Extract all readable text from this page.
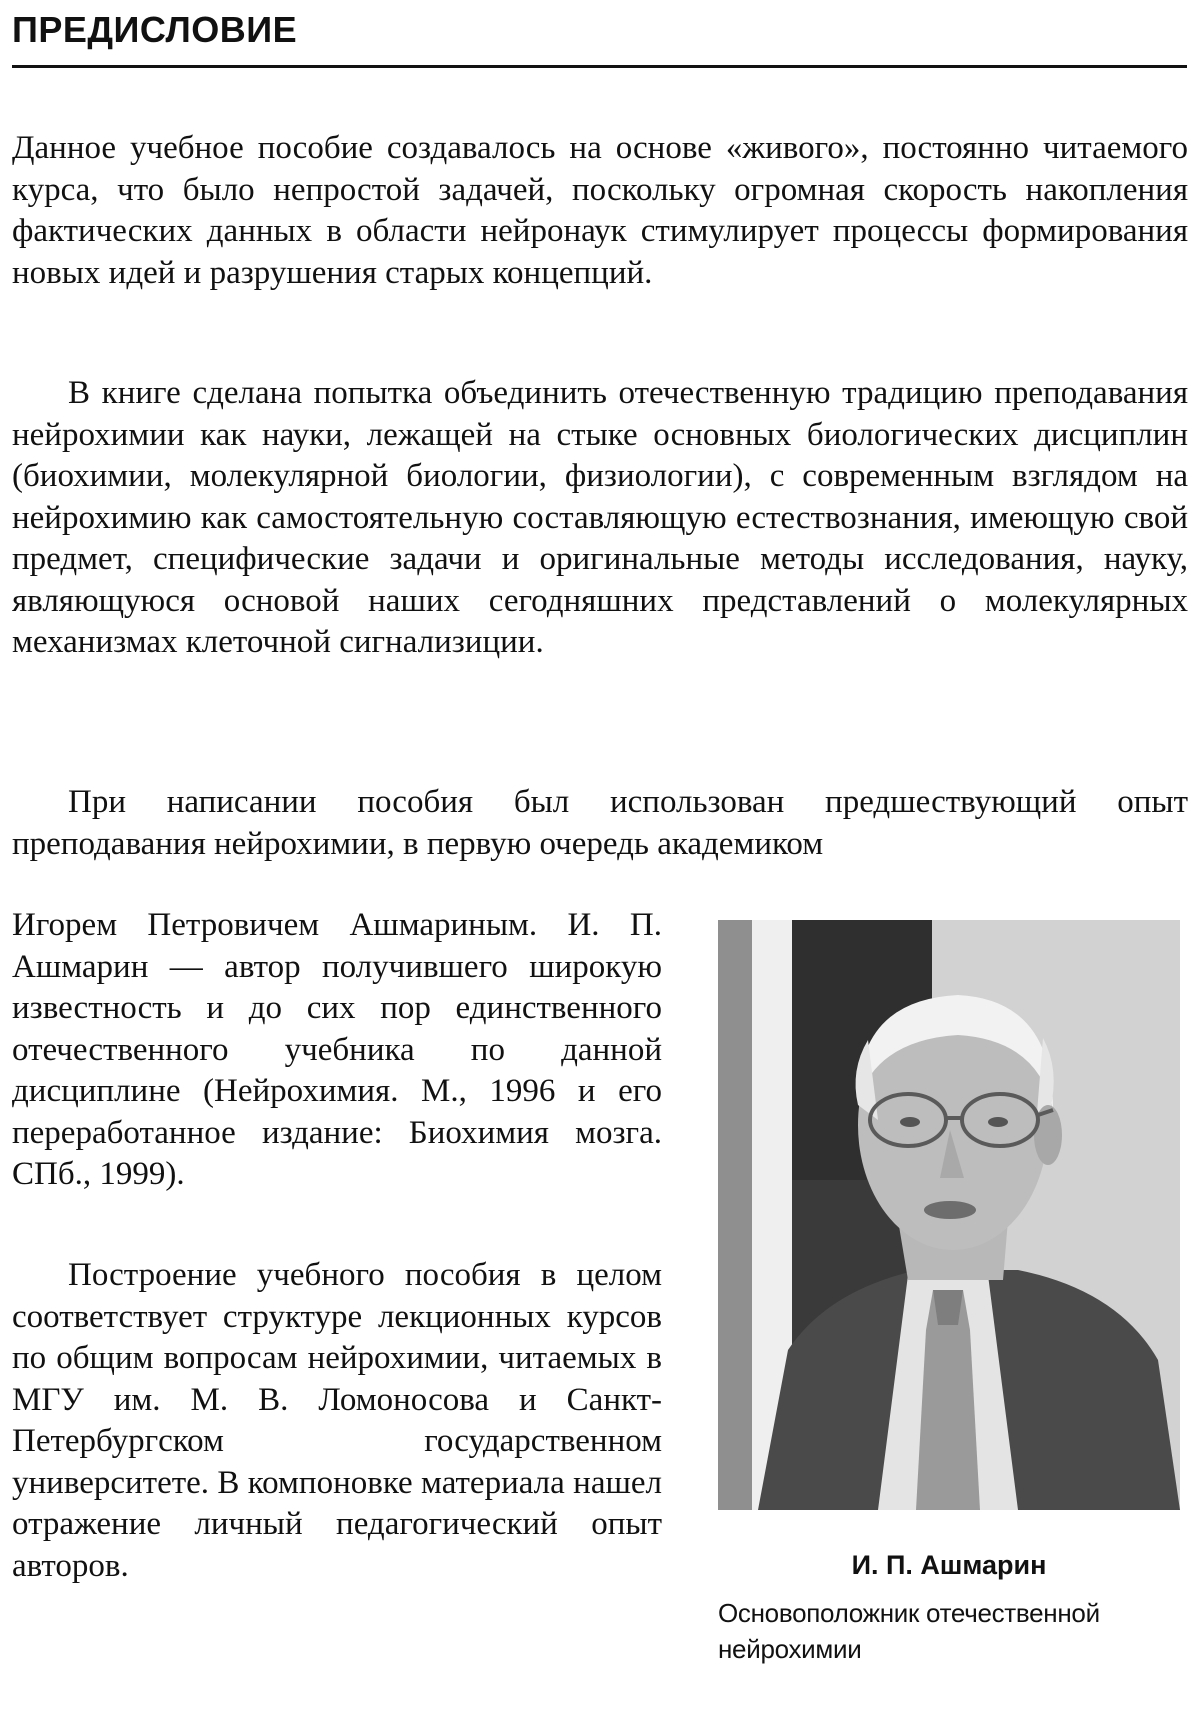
ПРЕДИСЛОВИЕ

Данное учебное пособие создавалось на основе «живого», постоянно читаемого курса, что было непростой задачей, поскольку огромная скорость накопления фактических данных в области нейронаук стимулирует процессы формирования новых идей и разрушения старых концепций.

В книге сделана попытка объединить отечественную традицию преподавания нейрохимии как науки, лежащей на стыке основных биологических дисциплин (биохимии, молекулярной биологии, физиологии), с современным взглядом на нейрохимию как самостоятельную составляющую естествознания, имеющую свой предмет, специфические задачи и оригинальные методы исследования, науку, являющуюся основой наших сегодняшних представлений о молекулярных механизмах клеточной сигнализиции.

При написании пособия был использован предшествующий опыт преподавания нейрохимии, в первую очередь академиком

Игорем Петровичем Ашмариным. И. П. Ашмарин — автор получившего широкую известность и до сих пор единственного отечественного учебника по данной дисциплине (Нейрохимия. М., 1996 и его переработанное издание: Биохимия мозга. СПб., 1999).

Построение учебного пособия в целом соответствует структуре лекционных курсов по общим вопросам нейрохимии, читаемых в МГУ им. М. В. Ломоносова и Санкт-Петербургском государственном университете. В компоновке материала нашел отражение личный педагогический опыт авторов.	И. П. Ашмарин

Основоположник отечественной нейрохимии
